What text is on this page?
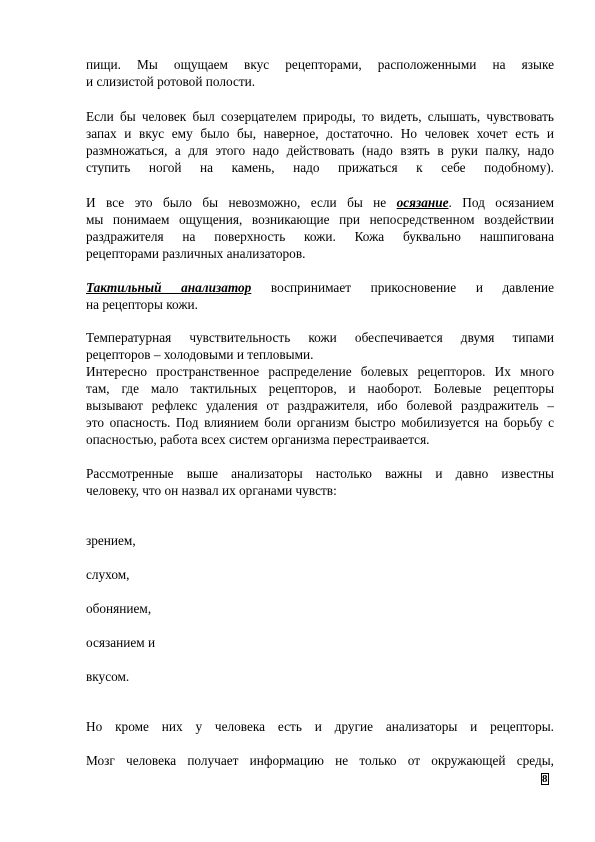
пищи. Мы ощущаем вкус рецепторами, расположенными на языке
и слизистой ротовой полости.
Если бы человек был созерцателем природы, то видеть, слышать, чувствовать
запах и вкус ему было бы, наверное, достаточно. Но человек хочет есть и
размножаться, а для этого надо действовать (надо взять в руки палку, надо
ступить ногой на камень, надо прижаться к себе подобному).
И все это было бы невозможно, если бы не осязание. Под осязанием
мы понимаем ощущения, возникающие при непосредственном воздействии
раздражителя на поверхность кожи. Кожа буквально нашпигована
рецепторами различных анализаторов.
Тактильный анализатор воспринимает прикосновение и давление
на рецепторы кожи.
Температурная чувствительность кожи обеспечивается двумя типами
рецепторов – холодовыми и тепловыми.
Интересно пространственное распределение болевых рецепторов. Их много
там, где мало тактильных рецепторов, и наоборот. Болевые рецепторы
вызывают рефлекс удаления от раздражителя, ибо болевой раздражитель –
это опасность. Под влиянием боли организм быстро мобилизуется на борьбу с
опасностью, работа всех систем организма перестраивается.
Рассмотренные выше анализаторы настолько важны и давно известны
человеку, что он назвал их органами чувств:
зрением,
слухом,
обонянием,
осязанием и
вкусом.
Но кроме них у человека есть и другие анализаторы и рецепторы.
Мозг человека получает информацию не только от окружающей среды,
8
